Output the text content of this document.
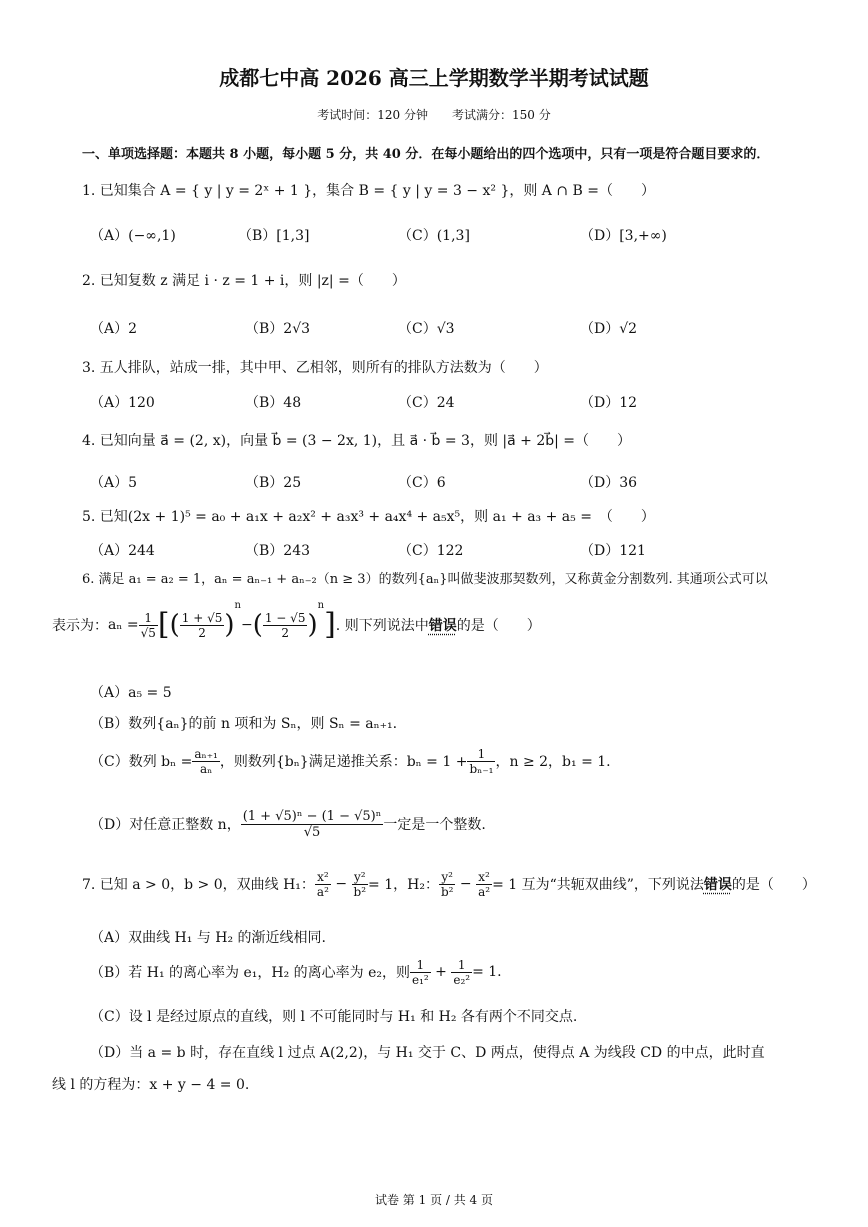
成都七中高 2026 高三上学期数学半期考试试题
考试时间：120 分钟　　考试满分：150 分
一、单项选择题：本题共 8 小题，每小题 5 分，共 40 分．在每小题给出的四个选项中，只有一项是符合题目要求的．
1. 已知集合 A = { y | y = 2ˣ + 1 }，集合 B = { y | y = 3 − x² }，则 A ∩ B =（　　）
（A）(−∞,1)	（B）[1,3]	（C）(1,3]	（D）[3,+∞)
2. 已知复数 z 满足 i · z = 1 + i，则 |z| =（　　）
（A）2	（B）2√3	（C）√3	（D）√2
3. 五人排队，站成一排，其中甲、乙相邻，则所有的排队方法数为（　　）
（A）120	（B）48	（C）24	（D）12
4. 已知向量 a⃗ = (2, x)，向量 b⃗ = (3 − 2x, 1)，且 a⃗ · b⃗ = 3，则 |a⃗ + 2b⃗| =（　　）
（A）5	（B）25	（C）6	（D）36
5. 已知(2x + 1)⁵ = a₀ + a₁x + a₂x² + a₃x³ + a₄x⁴ + a₅x⁵，则 a₁ + a₃ + a₅ =　（　　）
（A）244	（B）243	（C）122	（D）121
6. 满足 a₁ = a₂ = 1，aₙ = aₙ₋₁ + aₙ₋₂（n ≥ 3）的数列{aₙ}叫做斐波那契数列，又称黄金分割数列. 其通项公式可以
表示为： $a_n = \frac{1}{√5}$ [ ( $\frac{1 + √5}{2}$ )
$^n$
− ( $\frac{1 - √5}{2}$ )
$^n$
] . 则下列说法中 错误 的是（　　）
（A）a₅ = 5
（B）数列{aₙ}的前 n 项和为 Sₙ，则 Sₙ = aₙ₊₁.
（C）数列 $b_n = \frac{\text{aₙ₊₁}}{\text{aₙ}}$ ，则数列{bₙ}满足递推关系：$b_n = 1 + \frac{1}{\text{bₙ₋₁}}$ ，n ≥ 2，b₁ = 1.
（D）对任意正整数 n， $\frac{\text{(1 + √5)ⁿ − (1 − √5)ⁿ}}{√5}$ 一定是一个整数.
7. 已知 a > 0，b > 0，双曲线 H₁： $\frac{\text{x²}}{\text{a²}} - \frac{\text{y²}}{\text{b²}} = 1$，H₂： $\frac{\text{y²}}{\text{b²}} - \frac{\text{x²}}{\text{a²}} = 1$ 互为“共轭双曲线”，下列说法 错误 的是（　　）
（A）双曲线 H₁ 与 H₂ 的渐近线相同.
（B）若 H₁ 的离心率为 e₁，H₂ 的离心率为 e₂，则 $\frac{1}{\text{e₁²}} + \frac{1}{\text{e₂²}} = 1$.
（C）设 l 是经过原点的直线，则 l 不可能同时与 H₁ 和 H₂ 各有两个不同交点.
（D）当 a = b 时，存在直线 l 过点 A(2,2)，与 H₁ 交于 C、D 两点，使得点 A 为线段 CD 的中点，此时直
线 l 的方程为：x + y − 4 = 0.
试卷 第 1 页 / 共 4 页
